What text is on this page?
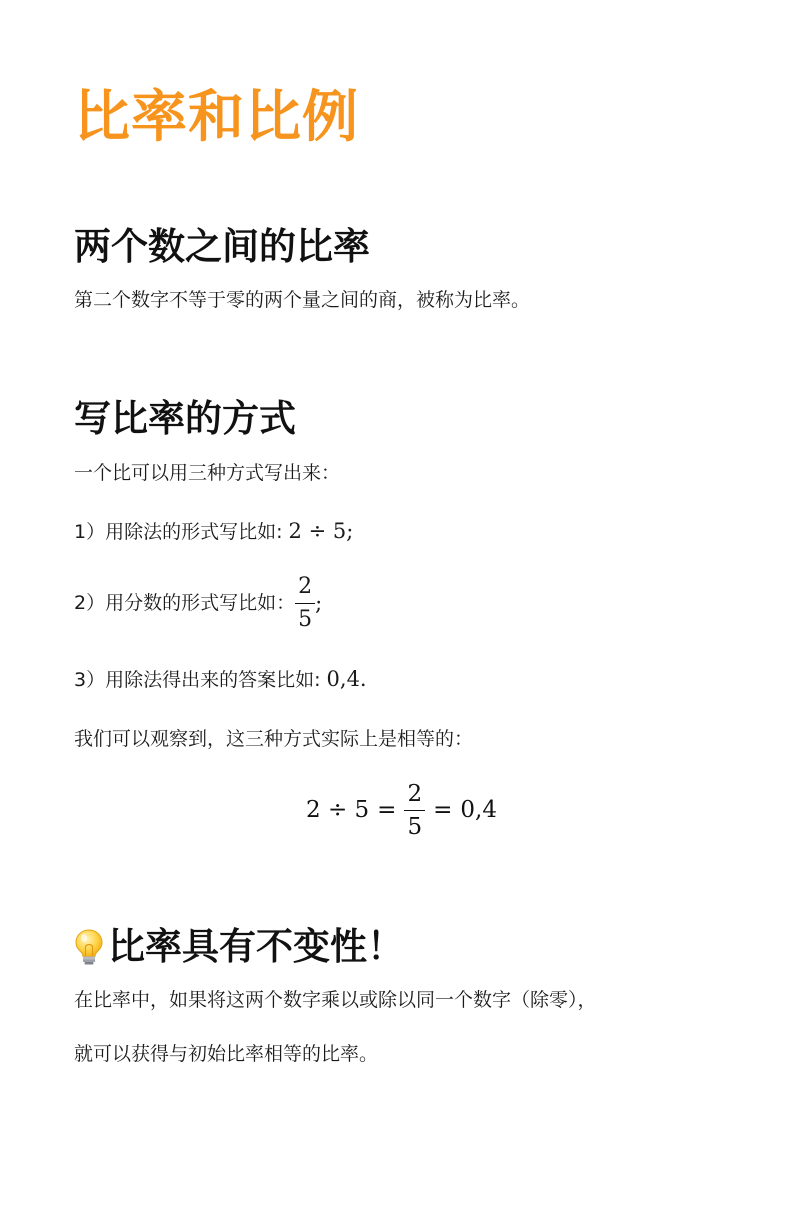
比率和比例
两个数之间的比率
第二个数字不等于零的两个量之间的商，被称为比率。
写比率的方式
一个比可以用三种方式写出来：
1）用除法的形式写比如: 2 ÷ 5;
2）用分数的形式写比如： $\frac{2}{5}$ ;
3）用除法得出来的答案比如: 0,4.
我们可以观察到，这三种方式实际上是相等的：
$2 \div 5 = \frac{2}{5} = 0,4$
比率具有不变性！
在比率中，如果将这两个数字乘以或除以同一个数字（除零），
就可以获得与初始比率相等的比率。
